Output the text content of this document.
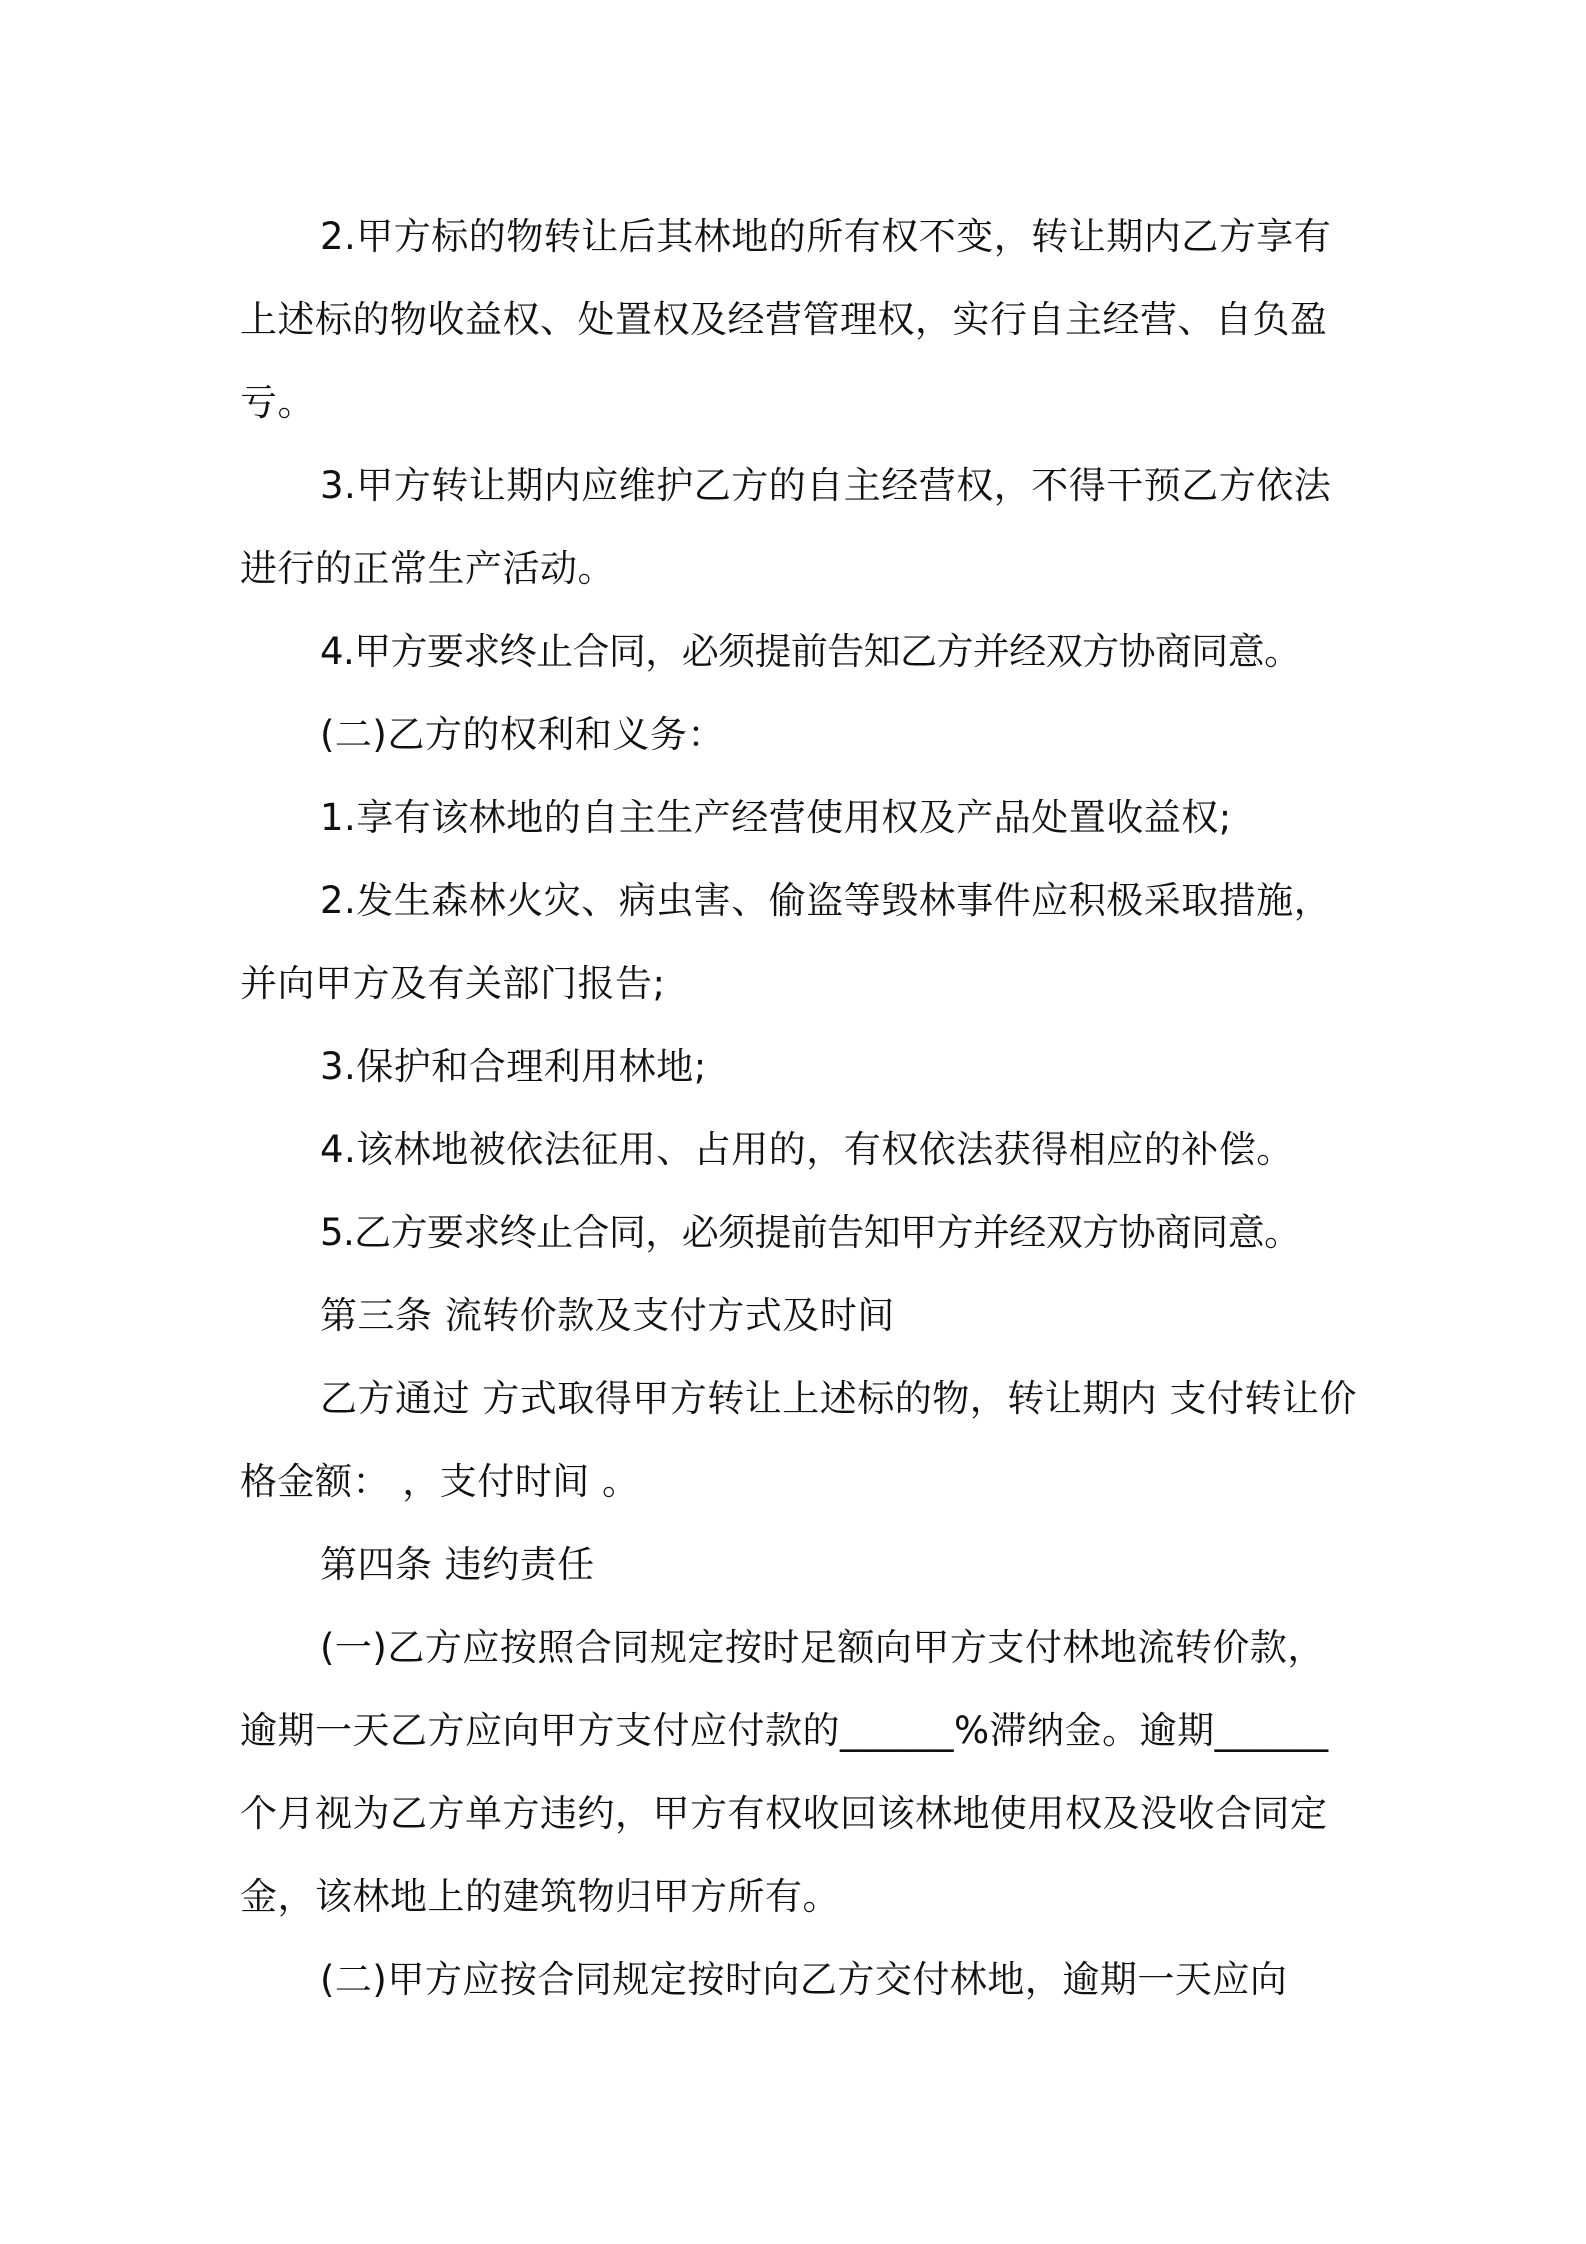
2.甲方标的物转让后其林地的所有权不变，转让期内乙方享有上述标的物收益权、处置权及经营管理权，实行自主经营、自负盈亏。

3.甲方转让期内应维护乙方的自主经营权，不得干预乙方依法进行的正常生产活动。

4.甲方要求终止合同，必须提前告知乙方并经双方协商同意。

(二)乙方的权利和义务：

1.享有该林地的自主生产经营使用权及产品处置收益权;

2.发生森林火灾、病虫害、偷盗等毁林事件应积极采取措施，并向甲方及有关部门报告;

3.保护和合理利用林地;

4.该林地被依法征用、占用的，有权依法获得相应的补偿。

5.乙方要求终止合同，必须提前告知甲方并经双方协商同意。

第三条 流转价款及支付方式及时间

乙方通过 方式取得甲方转让上述标的物，转让期内 支付转让价格金额： ，支付时间 。

第四条 违约责任

(一)乙方应按照合同规定按时足额向甲方支付林地流转价款，逾期一天乙方应向甲方支付应付款的______%滞纳金。逾期______个月视为乙方单方违约，甲方有权收回该林地使用权及没收合同定金，该林地上的建筑物归甲方所有。

(二)甲方应按合同规定按时向乙方交付林地，逾期一天应向
